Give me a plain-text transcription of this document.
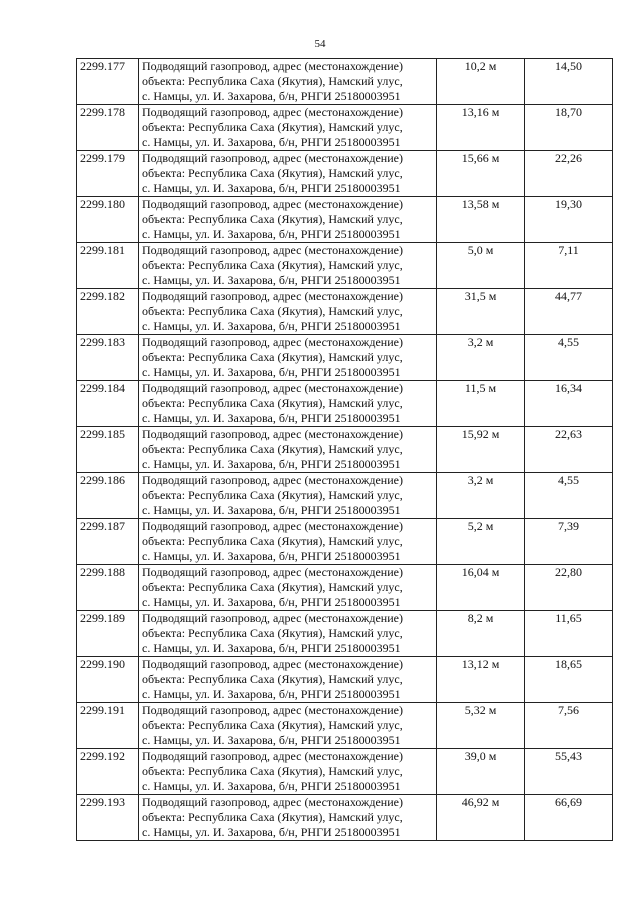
54
2299.177	Подводящий газопровод, адрес (местонахождение)
объекта: Республика Саха (Якутия), Намский улус,
с. Намцы, ул. И. Захарова, б/н, РНГИ 25180003951	10,2 м	14,50
2299.178	Подводящий газопровод, адрес (местонахождение)
объекта: Республика Саха (Якутия), Намский улус,
с. Намцы, ул. И. Захарова, б/н, РНГИ 25180003951	13,16 м	18,70
2299.179	Подводящий газопровод, адрес (местонахождение)
объекта: Республика Саха (Якутия), Намский улус,
с. Намцы, ул. И. Захарова, б/н, РНГИ 25180003951	15,66 м	22,26
2299.180	Подводящий газопровод, адрес (местонахождение)
объекта: Республика Саха (Якутия), Намский улус,
с. Намцы, ул. И. Захарова, б/н, РНГИ 25180003951	13,58 м	19,30
2299.181	Подводящий газопровод, адрес (местонахождение)
объекта: Республика Саха (Якутия), Намский улус,
с. Намцы, ул. И. Захарова, б/н, РНГИ 25180003951	5,0 м	7,11
2299.182	Подводящий газопровод, адрес (местонахождение)
объекта: Республика Саха (Якутия), Намский улус,
с. Намцы, ул. И. Захарова, б/н, РНГИ 25180003951	31,5 м	44,77
2299.183	Подводящий газопровод, адрес (местонахождение)
объекта: Республика Саха (Якутия), Намский улус,
с. Намцы, ул. И. Захарова, б/н, РНГИ 25180003951	3,2 м	4,55
2299.184	Подводящий газопровод, адрес (местонахождение)
объекта: Республика Саха (Якутия), Намский улус,
с. Намцы, ул. И. Захарова, б/н, РНГИ 25180003951	11,5 м	16,34
2299.185	Подводящий газопровод, адрес (местонахождение)
объекта: Республика Саха (Якутия), Намский улус,
с. Намцы, ул. И. Захарова, б/н, РНГИ 25180003951	15,92 м	22,63
2299.186	Подводящий газопровод, адрес (местонахождение)
объекта: Республика Саха (Якутия), Намский улус,
с. Намцы, ул. И. Захарова, б/н, РНГИ 25180003951	3,2 м	4,55
2299.187	Подводящий газопровод, адрес (местонахождение)
объекта: Республика Саха (Якутия), Намский улус,
с. Намцы, ул. И. Захарова, б/н, РНГИ 25180003951	5,2 м	7,39
2299.188	Подводящий газопровод, адрес (местонахождение)
объекта: Республика Саха (Якутия), Намский улус,
с. Намцы, ул. И. Захарова, б/н, РНГИ 25180003951	16,04 м	22,80
2299.189	Подводящий газопровод, адрес (местонахождение)
объекта: Республика Саха (Якутия), Намский улус,
с. Намцы, ул. И. Захарова, б/н, РНГИ 25180003951	8,2 м	11,65
2299.190	Подводящий газопровод, адрес (местонахождение)
объекта: Республика Саха (Якутия), Намский улус,
с. Намцы, ул. И. Захарова, б/н, РНГИ 25180003951	13,12 м	18,65
2299.191	Подводящий газопровод, адрес (местонахождение)
объекта: Республика Саха (Якутия), Намский улус,
с. Намцы, ул. И. Захарова, б/н, РНГИ 25180003951	5,32 м	7,56
2299.192	Подводящий газопровод, адрес (местонахождение)
объекта: Республика Саха (Якутия), Намский улус,
с. Намцы, ул. И. Захарова, б/н, РНГИ 25180003951	39,0 м	55,43
2299.193	Подводящий газопровод, адрес (местонахождение)
объекта: Республика Саха (Якутия), Намский улус,
с. Намцы, ул. И. Захарова, б/н, РНГИ 25180003951	46,92 м	66,69
